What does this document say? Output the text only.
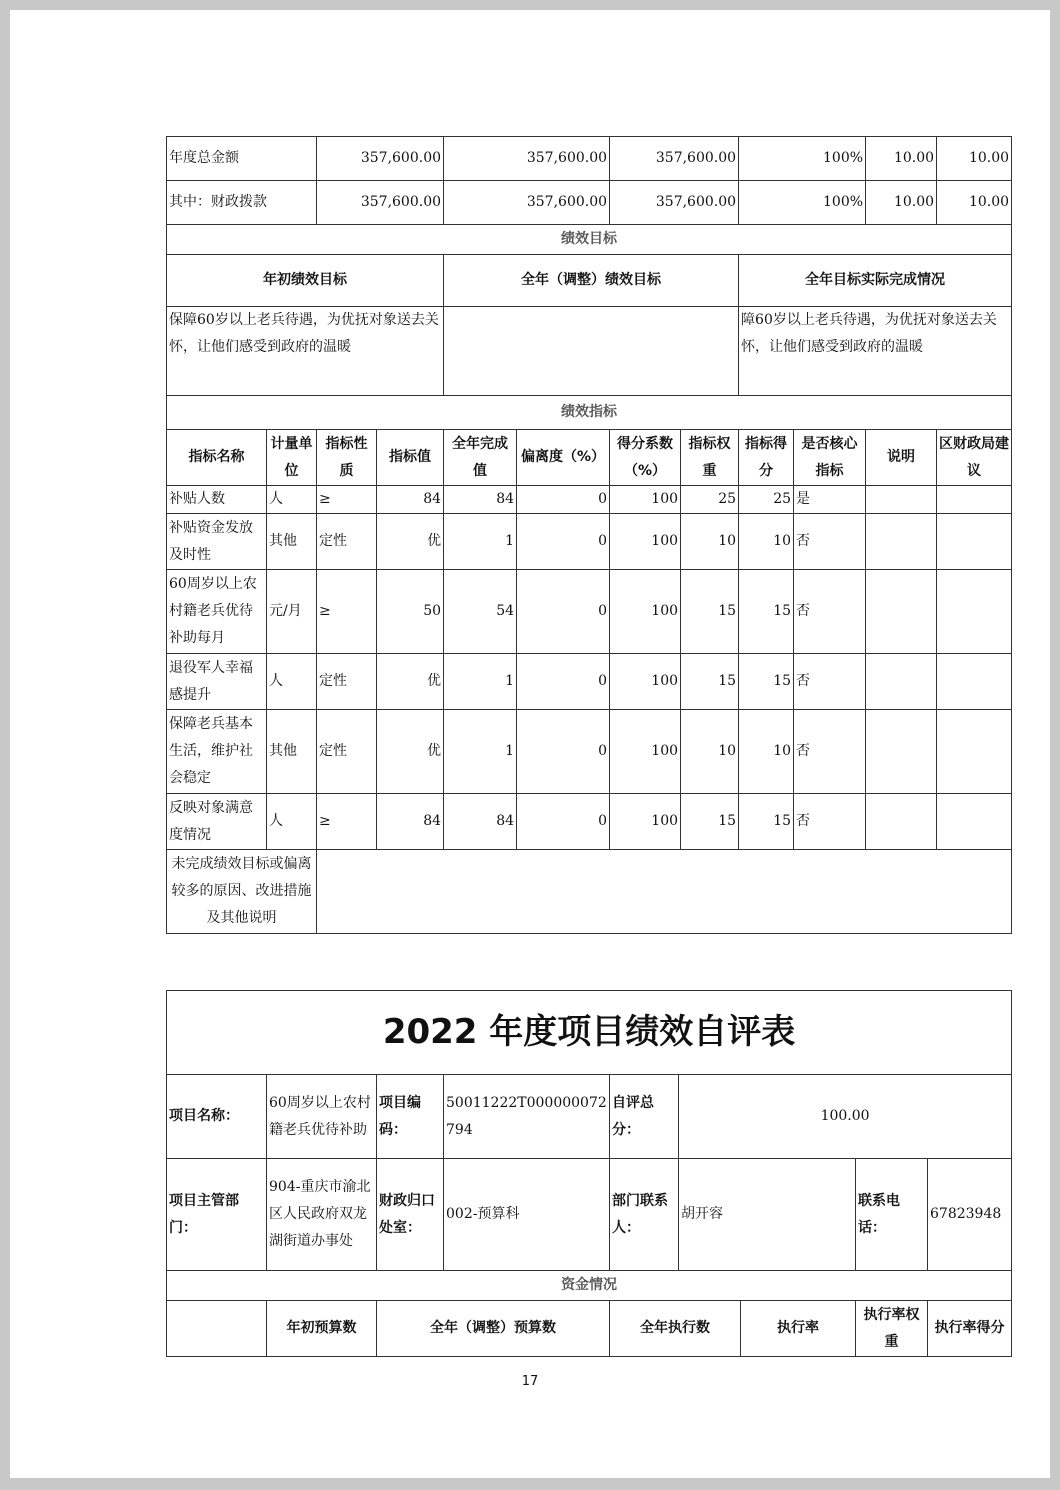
年度总金额		357,600.00		357,600.00		357,600.00		100%		10.00	10.00
其中：财政拨款		357,600.00		357,600.00		357,600.00		100%		10.00	10.00
绩效目标											
年初绩效目标				全年（调整）绩效目标				全年目标实际完成情况			
保障60岁以上老兵待遇，为优抚对象送去关怀，让他们感受到政府的温暖								障60岁以上老兵待遇，为优抚对象送去关怀，让他们感受到政府的温暖			
绩效指标											
指标名称	计量单位	指标性质	指标值	全年完成值	偏离度（%）	得分系数（%）	指标权重	指标得分	是否核心指标	说明	区财政局建议
补贴人数	人	≥	84	84	0	100	25	25	是		
补贴资金发放及时性	其他	定性	优	1	0	100	10	10	否		
60周岁以上农村籍老兵优待补助每月	元/月	≥	50	54	0	100	15	15	否		
退役军人幸福感提升	人	定性	优	1	0	100	15	15	否		
保障老兵基本生活，维护社会稳定	其他	定性	优	1	0	100	10	10	否		
反映对象满意度情况	人	≥	84	84	0	100	15	15	否		
未完成绩效目标或偏离较多的原因、改进措施及其他说明											
2022 年度项目绩效自评表								
项目名称：	60周岁以上农村籍老兵优待补助	项目编码：	50011222T000000072794	自评总分：	100.00			
项目主管部门：	904-重庆市渝北区人民政府双龙湖街道办事处	财政归口处室：	002-预算科	部门联系人：	胡开容		联系电话：	67823948
资金情况								
	年初预算数	全年（调整）预算数		全年执行数		执行率	执行率权重	执行率得分
17
